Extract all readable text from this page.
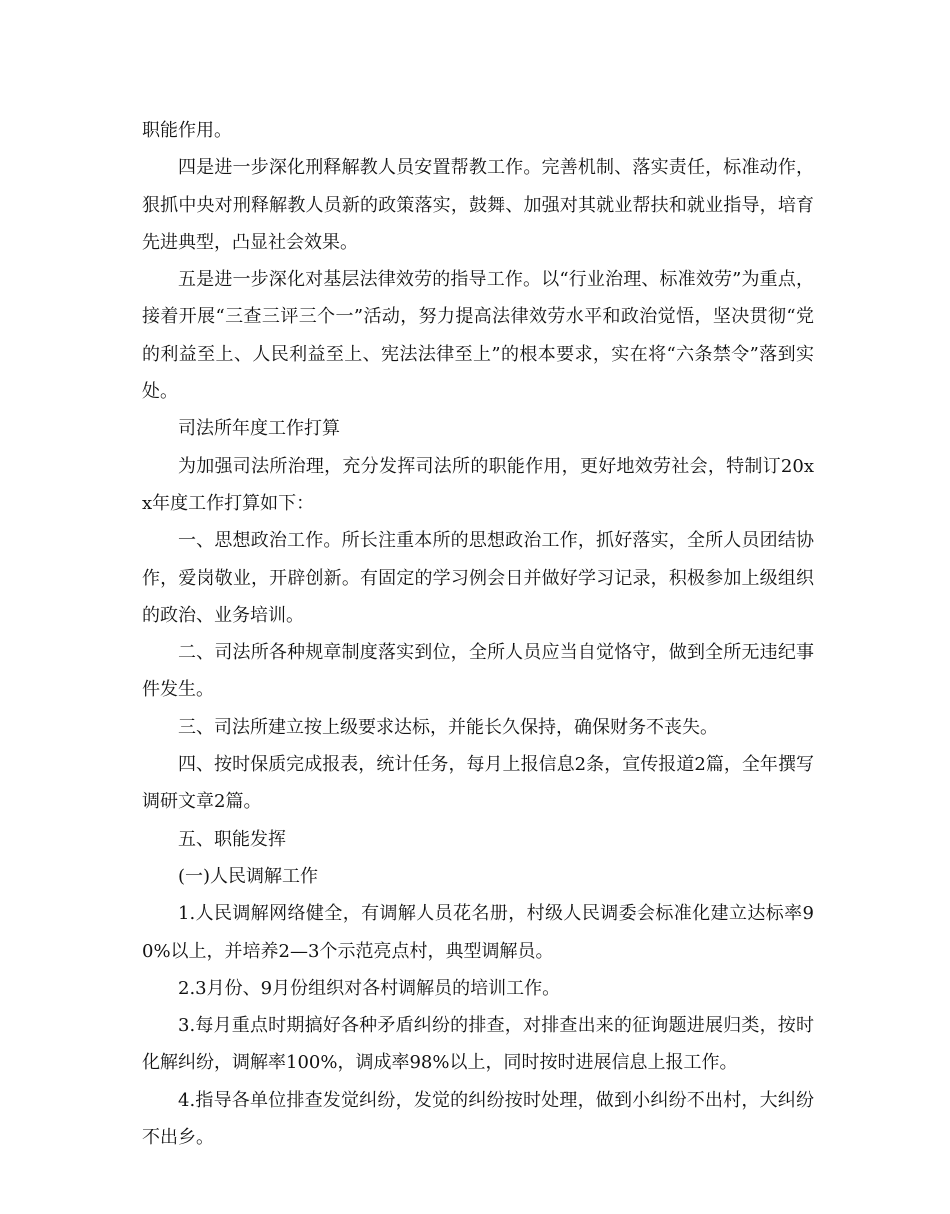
职能作用。

四是进一步深化刑释解教人员安置帮教工作。完善机制、落实责任，标准动作，狠抓中央对刑释解教人员新的政策落实，鼓舞、加强对其就业帮扶和就业指导，培育先进典型，凸显社会效果。

五是进一步深化对基层法律效劳的指导工作。以“行业治理、标准效劳”为重点，接着开展“三查三评三个一”活动，努力提高法律效劳水平和政治觉悟，坚决贯彻“党的利益至上、人民利益至上、宪法法律至上”的根本要求，实在将“六条禁令”落到实处。

司法所年度工作打算

为加强司法所治理，充分发挥司法所的职能作用，更好地效劳社会，特制订20xx年度工作打算如下：

一、思想政治工作。所长注重本所的思想政治工作，抓好落实，全所人员团结协作，爱岗敬业，开辟创新。有固定的学习例会日并做好学习记录，积极参加上级组织的政治、业务培训。

二、司法所各种规章制度落实到位，全所人员应当自觉恪守，做到全所无违纪事件发生。

三、司法所建立按上级要求达标，并能长久保持，确保财务不丧失。

四、按时保质完成报表，统计任务，每月上报信息2条，宣传报道2篇，全年撰写调研文章2篇。

五、职能发挥

(一)人民调解工作

1.人民调解网络健全，有调解人员花名册，村级人民调委会标准化建立达标率90%以上，并培养2—3个示范亮点村，典型调解员。

2.3月份、9月份组织对各村调解员的培训工作。

3.每月重点时期搞好各种矛盾纠纷的排查，对排查出来的征询题进展归类，按时化解纠纷，调解率100%，调成率98%以上，同时按时进展信息上报工作。

4.指导各单位排查发觉纠纷，发觉的纠纷按时处理，做到小纠纷不出村，大纠纷不出乡。
